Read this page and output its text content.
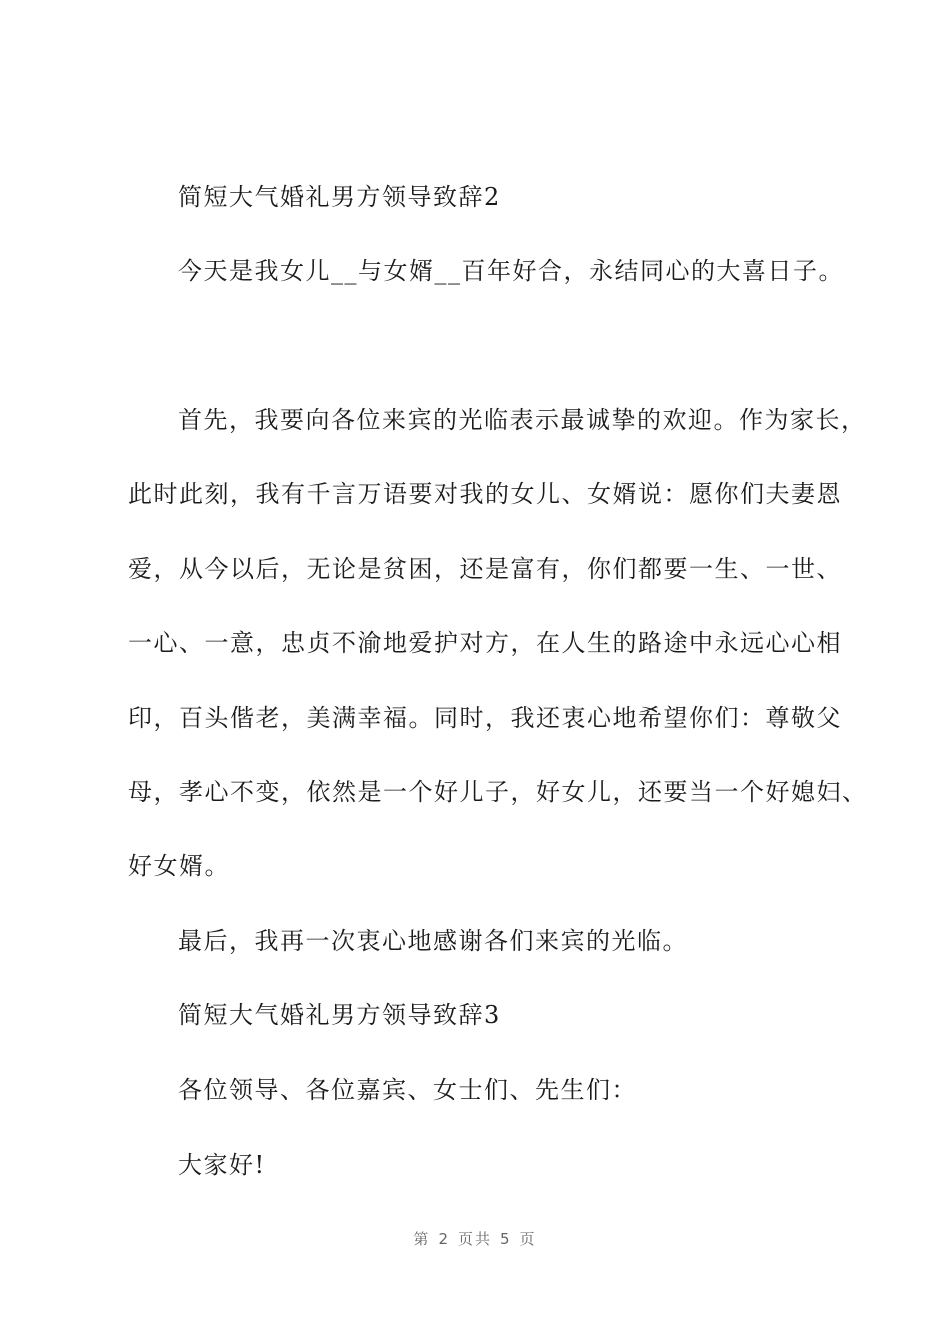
简短大气婚礼男方领导致辞2
今天是我女儿__与女婿__百年好合，永结同心的大喜日子。
首先，我要向各位来宾的光临表示最诚挚的欢迎。作为家长，
此时此刻，我有千言万语要对我的女儿、女婿说：愿你们夫妻恩
爱，从今以后，无论是贫困，还是富有，你们都要一生、一世、
一心、一意，忠贞不渝地爱护对方，在人生的路途中永远心心相
印，百头偕老，美满幸福。同时，我还衷心地希望你们：尊敬父
母，孝心不变，依然是一个好儿子，好女儿，还要当一个好媳妇、
好女婿。
最后，我再一次衷心地感谢各们来宾的光临。
简短大气婚礼男方领导致辞3
各位领导、各位嘉宾、女士们、先生们：
大家好!
第 2 页共 5 页
